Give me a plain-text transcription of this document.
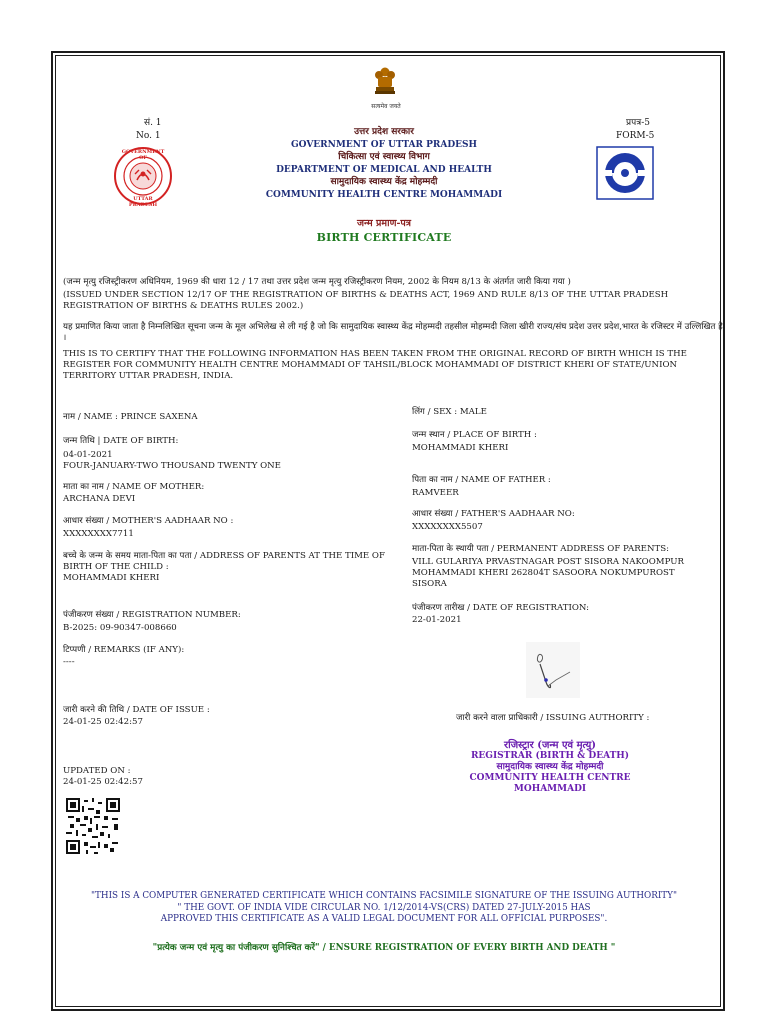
सत्यमेव जयते
सं. 1
No. 1
प्रपत्र-5
FORM-5
GOVERNMENT OF
UTTAR PRADESH
उत्तर प्रदेश सरकार
GOVERNMENT OF UTTAR PRADESH
चिकित्सा एवं स्वास्थ्य विभाग
DEPARTMENT OF MEDICAL AND HEALTH
सामुदायिक स्वास्थ्य केंद्र मोहम्मदी
COMMUNITY HEALTH CENTRE MOHAMMADI
जन्म प्रमाण-पत्र
BIRTH CERTIFICATE
(जन्म मृत्यु रजिस्ट्रीकरण अधिनियम, 1969 की धारा 12 / 17 तथा उत्तर प्रदेश जन्म मृत्यु रजिस्ट्रीकरण नियम, 2002 के नियम 8/13 के अंतर्गत जारी किया गया )
(ISSUED UNDER SECTION 12/17 OF THE REGISTRATION OF BIRTHS & DEATHS ACT, 1969 AND RULE 8/13 OF THE UTTAR PRADESH REGISTRATION OF BIRTHS & DEATHS RULES 2002.)
यह प्रमाणित किया जाता है निम्नलिखित सूचना जन्म के मूल अभिलेख से ली गई है जो कि सामुदायिक स्वास्थ्य केंद्र मोहम्मदी तहसील मोहम्मदी जिला खीरी राज्य/संघ प्रदेश उत्तर प्रदेश,भारत के रजिस्टर में उल्लिखित है ।
THIS IS TO CERTIFY THAT THE FOLLOWING INFORMATION HAS BEEN TAKEN FROM THE ORIGINAL RECORD OF BIRTH WHICH IS THE REGISTER FOR COMMUNITY HEALTH CENTRE MOHAMMADI OF TAHSIL/BLOCK MOHAMMADI OF DISTRICT KHERI OF STATE/UNION TERRITORY UTTAR PRADESH, INDIA.
नाम / NAME : PRINCE SAXENA
जन्म तिथि | DATE OF BIRTH:
04-01-2021
FOUR-JANUARY-TWO THOUSAND TWENTY ONE
माता का नाम / NAME OF MOTHER:
ARCHANA DEVI
आधार संख्या / MOTHER'S AADHAAR NO :
XXXXXXXX7711
बच्चे के जन्म के समय माता-पिता का पता / ADDRESS OF PARENTS AT THE TIME OF
BIRTH OF THE CHILD :
MOHAMMADI KHERI
पंजीकरण संख्या / REGISTRATION NUMBER:
B-2025: 09-90347-008660
टिप्पणी / REMARKS (IF ANY):
----
जारी करने की तिथि / DATE OF ISSUE :
24-01-25 02:42:57
UPDATED ON :
24-01-25 02:42:57
लिंग / SEX : MALE
जन्म स्थान / PLACE OF BIRTH :
MOHAMMADI KHERI
पिता का नाम / NAME OF FATHER :
RAMVEER
आधार संख्या / FATHER'S AADHAAR NO:
XXXXXXXX5507
माता-पिता के स्थायी पता / PERMANENT ADDRESS OF PARENTS:
VILL GULARIYA PRVASTNAGAR POST SISORA NAKOOMPUR
MOHAMMADI KHERI 262804T SASOORA NOKUMPUROST
SISORA
पंजीकरण तारीख / DATE OF REGISTRATION:
22-01-2021
जारी करने वाला प्राधिकारी / ISSUING AUTHORITY :
रजिस्ट्रार (जन्म एवं मृत्यु)
REGISTRAR (BIRTH & DEATH)
सामुदायिक स्वास्थ्य केंद्र मोहम्मदी
COMMUNITY HEALTH CENTRE MOHAMMADI
"THIS IS A COMPUTER GENERATED CERTIFICATE WHICH CONTAINS FACSIMILE SIGNATURE OF THE ISSUING AUTHORITY"
" THE GOVT. OF INDIA VIDE CIRCULAR NO. 1/12/2014-VS(CRS) DATED 27-JULY-2015 HAS
APPROVED THIS CERTIFICATE AS A VALID LEGAL DOCUMENT FOR ALL OFFICIAL PURPOSES".
"प्रत्येक जन्म एवं मृत्यु का पंजीकरण सुनिश्चित करें" / ENSURE REGISTRATION OF EVERY BIRTH AND DEATH "
